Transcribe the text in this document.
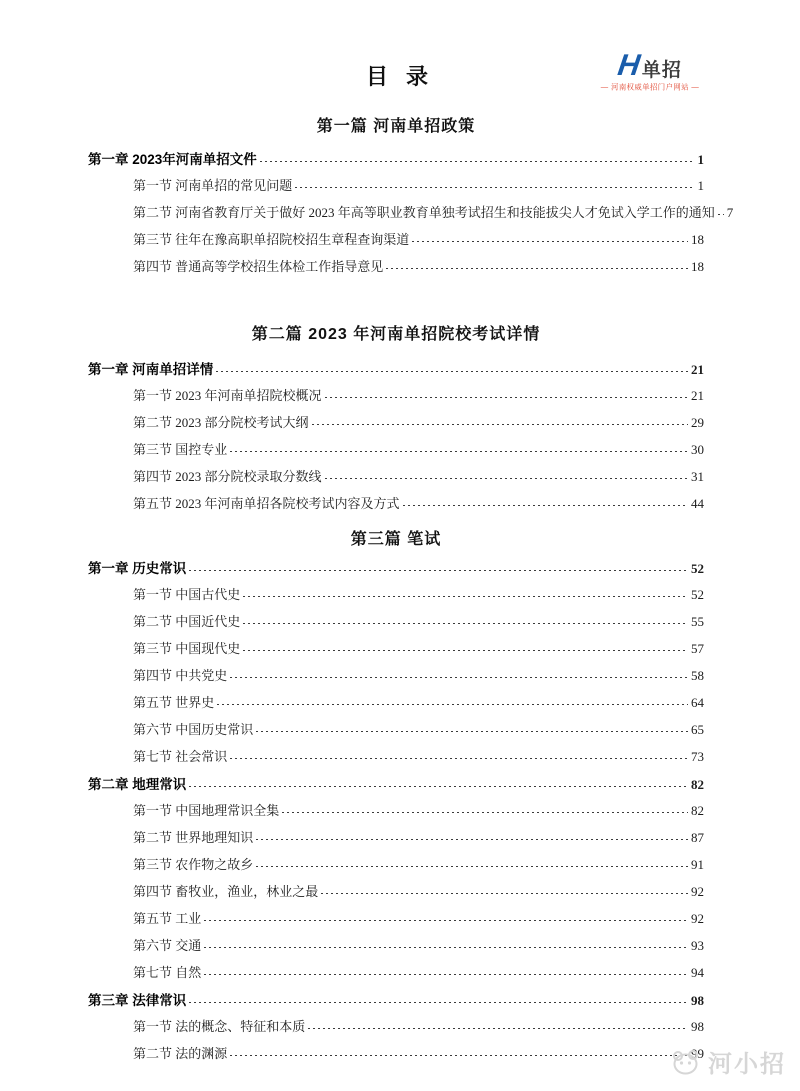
H 单招
— 河南权威单招门户网站 —
目 录
第一篇 河南单招政策
第一章 2023年河南单招文件	1
第一节 河南单招的常见问题	1
第二节 河南省教育厅关于做好 2023 年高等职业教育单独考试招生和技能拔尖人才免试入学工作的通知 7
第三节 往年在豫高职单招院校招生章程查询渠道	18
第四节 普通高等学校招生体检工作指导意见	18
第二篇 2023 年河南单招院校考试详情
第一章 河南单招详情	21
第一节 2023 年河南单招院校概况	21
第二节 2023 部分院校考试大纲	29
第三节 国控专业	30
第四节 2023 部分院校录取分数线	31
第五节 2023 年河南单招各院校考试内容及方式	44
第三篇 笔试
第一章 历史常识	52
第一节 中国古代史	52
第二节 中国近代史	55
第三节 中国现代史	57
第四节 中共党史	58
第五节 世界史	64
第六节 中国历史常识	65
第七节 社会常识	73
第二章 地理常识	82
第一节 中国地理常识全集	82
第二节 世界地理知识	87
第三节 农作物之故乡	91
第四节 畜牧业，渔业，林业之最	92
第五节 工业	92
第六节 交通	93
第七节 自然	94
第三章 法律常识	98
第一节 法的概念、特征和本质	98
第二节 法的渊源	99 河小招
